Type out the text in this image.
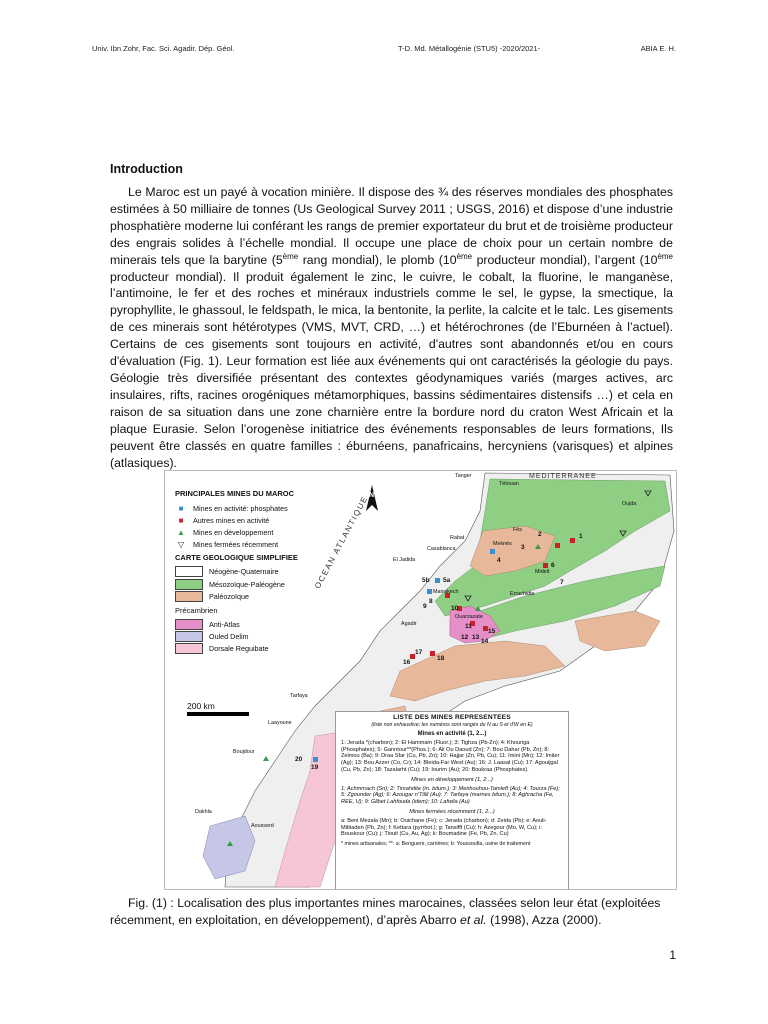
Univ. Ibn Zohr, Fac. Sci. Agadir. Dép. Géol.	T-D. Md. Métallogénie (STU5) -2020/2021-	ABIA E. H.
Introduction
Le Maroc est un payé à vocation minière. Il dispose des ¾ des réserves mondiales des phosphates estimées à 50 milliaire de tonnes (Us Geological Survey 2011 ; USGS, 2016) et dispose d’une industrie phosphatière moderne lui conférant les rangs de premier exportateur du brut et de troisième producteur des engrais solides à l’échelle mondial. Il occupe une place de choix pour un certain nombre de minerais tels que la barytine (5ème rang mondial), le plomb (10ème producteur mondial), l’argent (10ème producteur mondial). Il produit également le zinc, le cuivre, le cobalt, la fluorine, le manganèse, l’antimoine, le fer et des roches et minéraux industriels comme le sel, le gypse, la smectique, la pyrophyllite, le ghassoul, le feldspath, le mica, la bentonite, la perlite, la calcite et le talc. Les gisements de ces minerais sont hétérotypes (VMS, MVT, CRD, …) et hétérochrones (de l’Eburnéen à l’actuel). Certains de ces gisements sont toujours en activité, d'autres sont abandonnés et/ou en cours d'évaluation (Fig. 1). Leur formation est liée aux événements qui ont caractérisés la géologie du pays. Géologie très diversifiée présentant des contextes géodynamiques variés (marges actives, arc insulaires, rifts, racines orogéniques métamorphiques, bassins sédimentaires distensifs …) et cela en raison de sa situation dans une zone charnière entre la bordure nord du craton West Africain et la plaque Eurasie. Selon l’orogenèse initiatrice des événements responsables de leurs formations, Ils peuvent être classés en quatre familles : éburnéens, panafricains, hercyniens (varisques) et alpines (atlasiques).
MEDITERRANEE
OCEAN ATLANTIQUE N
Tanger
Tétouan
Oujda
Rabat
Casablanca
El Jadida
Marrakech
Agadir
Ouarzazate
Errachidia
Tarfaya
Laayoune
Boujdour
Dakhla
Aousserd
Fès
Meknès
Midelt
1
2
3
4
5a
5b
6
7
8
9	10
11
12 13
14
15
16
17
18
19
20
PRINCIPALES MINES DU MAROC
■	Mines en activité: phosphates
■	Autres mines en activité
▲ Mines en développement
▽	Mines fermées récemment
CARTE GEOLOGIQUE SIMPLIFIEE
Néogène-Quaternaire
Mésozoïque-Paléogène
Paléozoïque
Précambrien
Anti-Atlas
Ouled Delim
Dorsale Reguibate
200 km
LISTE DES MINES REPRESENTEES
(liste non exhaustive; les numéros sont rangés du N au S et d'W en E)
Mines en activité (1, 2...)
1: Jerada *(charbon); 2: El Hammam (Fluor.); 3: Tighza (Pb-Zn); 4: Khouriga (Phosphates); 5: Ganntour**(Phos.); 6: Ali Ou Daoud (Zn); 7: Bou Dahar (Pb, Zn); 8: Zelmou (Ba); 9: Draa Sfar (Cu, Pb, Zn); 10: Hajjar (Zn, Pb, Cu); 11: Imini (Mn); 12: Imiter (Ag); 13: Bou Azzer (Co, Cr); 14: Bleida-Far West (Au); 16: J. Laasal (Cu); 17: Agouijgal (Cu, Pb, Zn); 18: Tazalarht (Cu); 19: Iourim (Au); 20: Boukraa (Phosphates).
Mines en développement (1, 2...)
1: Achmmach (Sn); 2: Timahdite (m. bitum.); 3: Menhouhou-Tamleft (Au); 4: Tourza (Fe); 5: Zgounder (Ag); 6: Azougar n'Tilili (Au); 7: Tarfaya (marnes bitum.); 8: Aghracha (Fe, REE, U); 9: Glibet Lahfouda (idem); 10: Lafwila (Au)
Mines fermées récemment (1, 2...)
a: Beni Mezala (Mn); b: Ouichane (Fe); c: Jerada (charbon); d: Zeida (Pb); e: Aouli-Mibladen (Pb, Zn); f: Kettara (pyrrhot.); g: Tansifft (Cu); h: Azegour (Mo, W, Cu); i: Bouskour (Cu); j: Tiouit (Cu, Au, Ag); k: Boumadine (Fe, Pb, Zn, Cu)
* mines artisanales; **: a: Benguerir, carrières; b: Youssoufia, usine de traitement
Fig. (1) : Localisation des plus importantes mines marocaines, classées selon leur état (exploitées récemment, en exploitation, en développement), d’après Abarro et al. (1998), Azza (2000).
1
